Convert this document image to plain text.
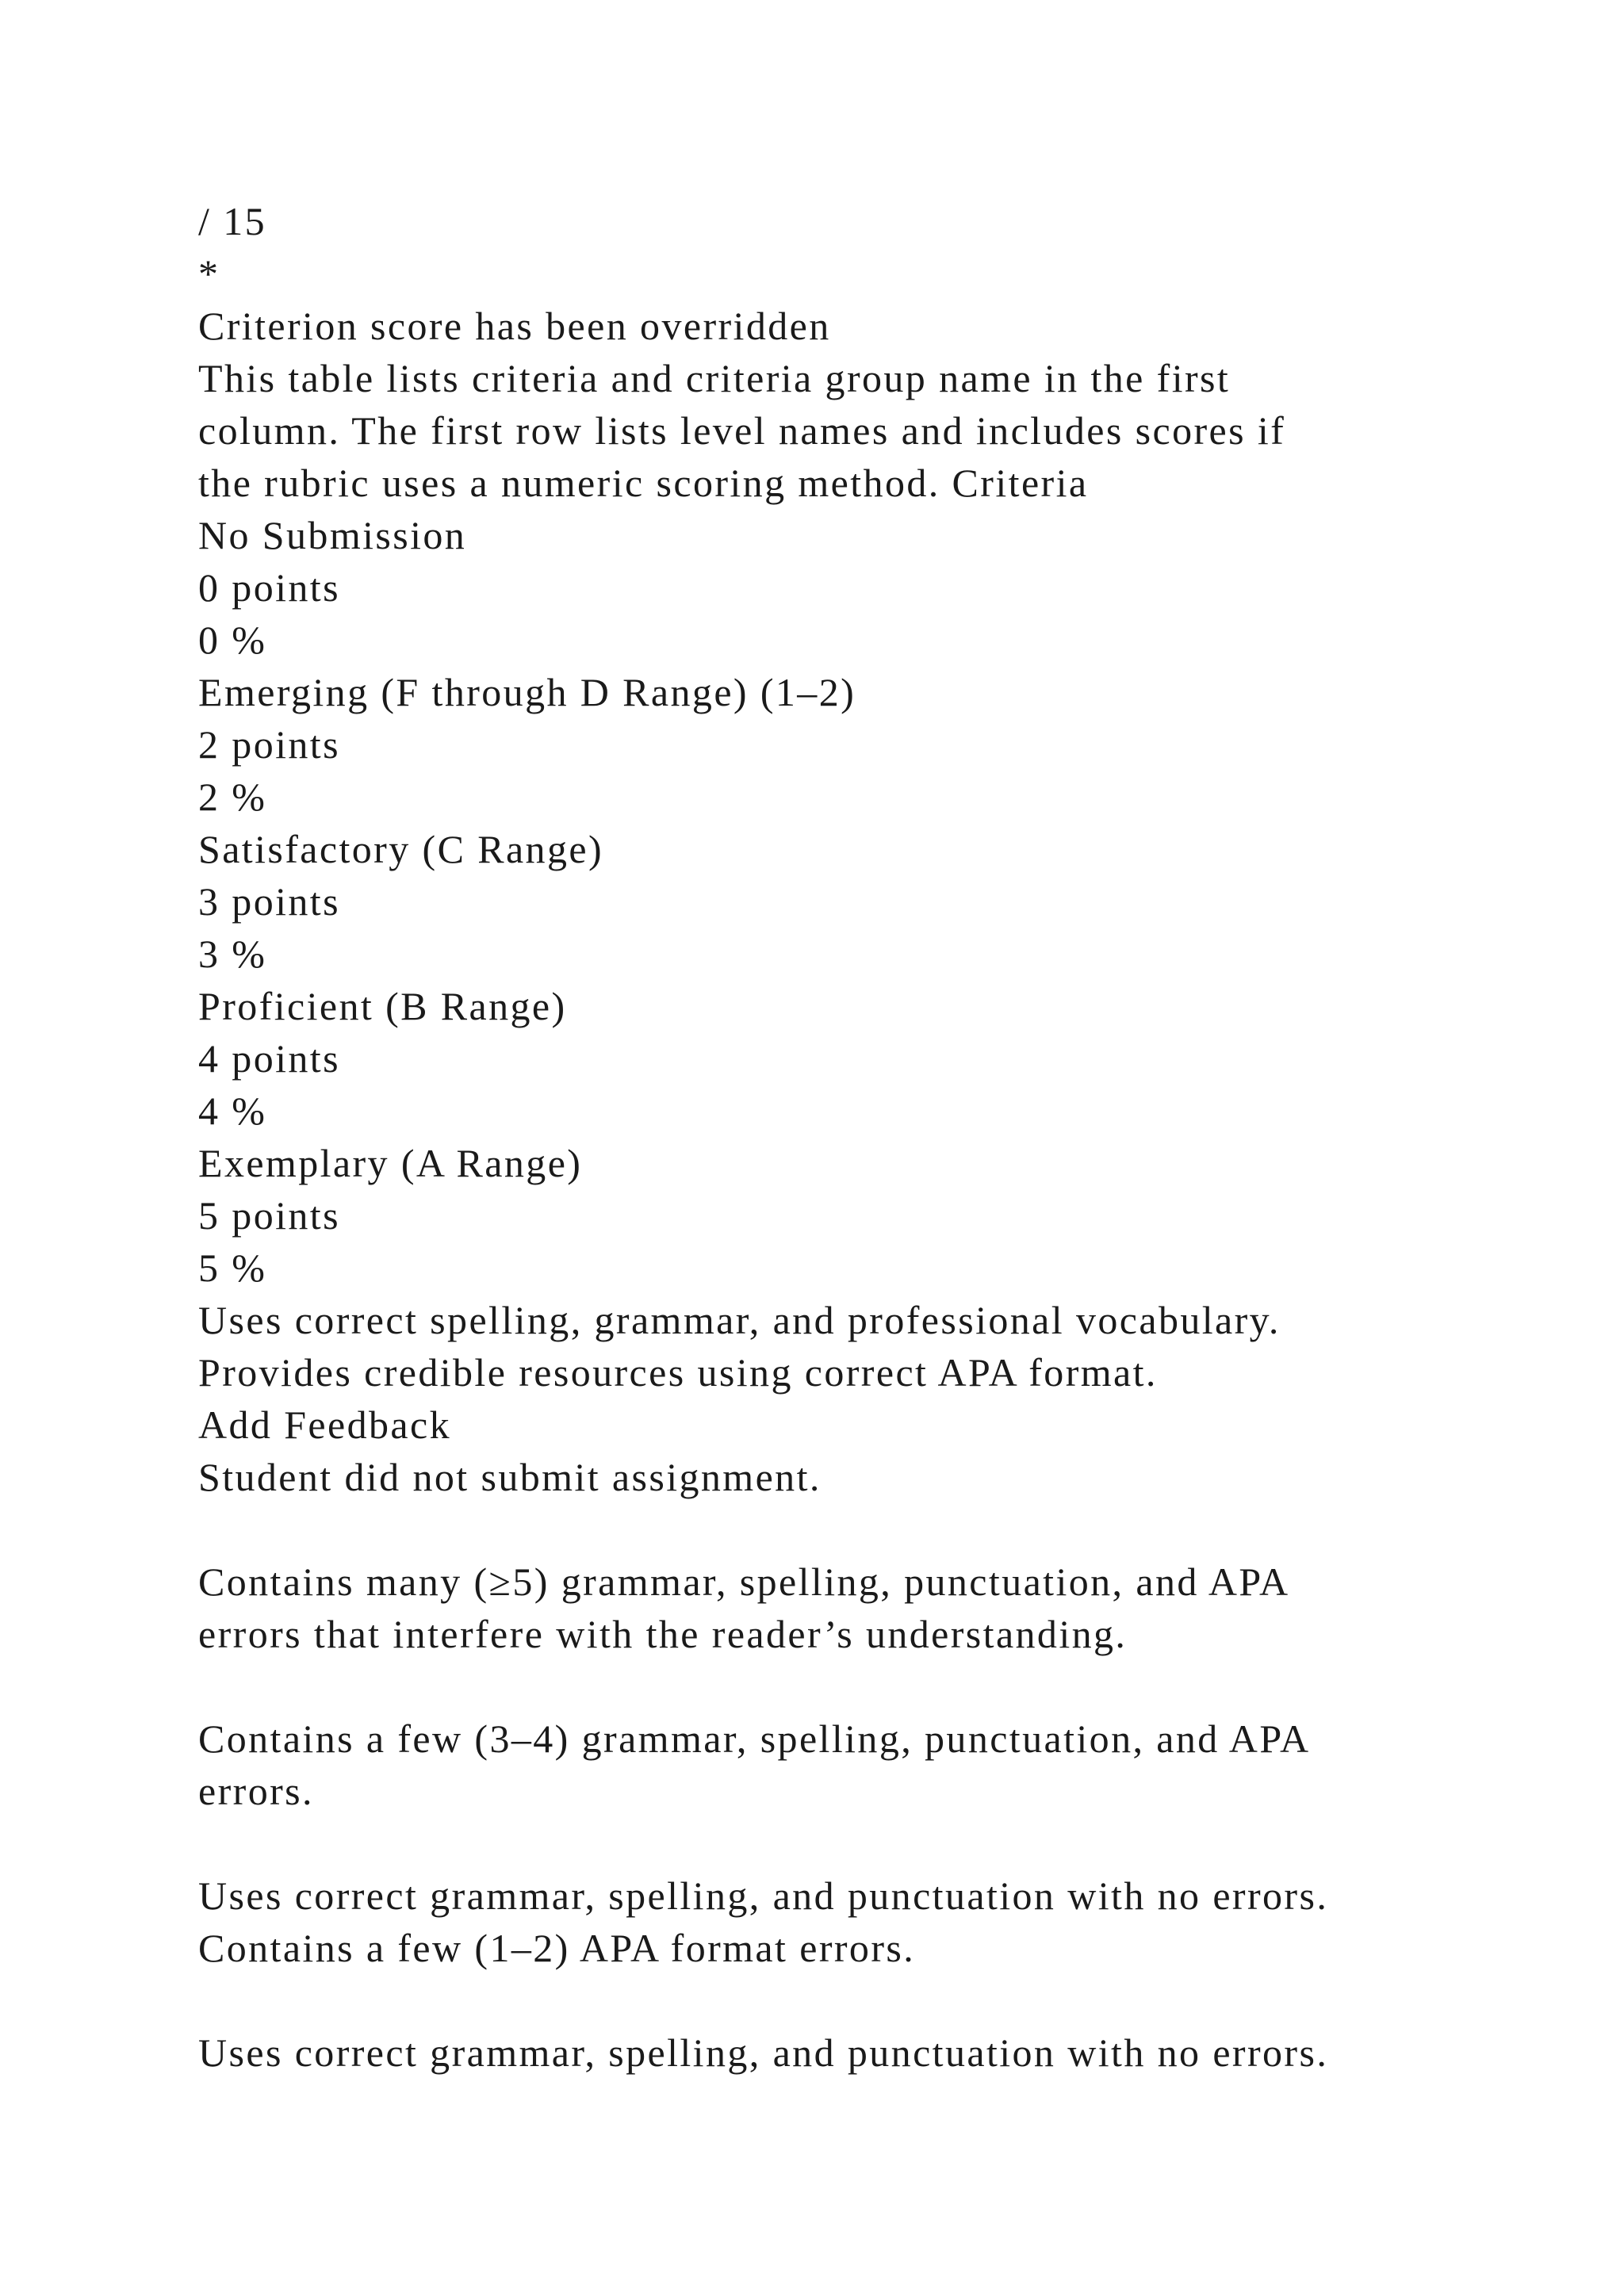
/ 15
*
Criterion score has been overridden
This table lists criteria and criteria group name in the first
column. The first row lists level names and includes scores if
the rubric uses a numeric scoring method. Criteria
No Submission
0 points
0 %
Emerging (F through D Range) (1–2)
2 points
2 %
Satisfactory (C Range)
3 points
3 %
Proficient (B Range)
4 points
4 %
Exemplary (A Range)
5 points
5 %
Uses correct spelling, grammar, and professional vocabulary.
Provides credible resources using correct APA format.
Add Feedback
Student did not submit assignment.
Contains many (≥5) grammar, spelling, punctuation, and APA
errors that interfere with the reader’s understanding.
Contains a few (3–4) grammar, spelling, punctuation, and APA
errors.
Uses correct grammar, spelling, and punctuation with no errors.
Contains a few (1–2) APA format errors.
Uses correct grammar, spelling, and punctuation with no errors.
